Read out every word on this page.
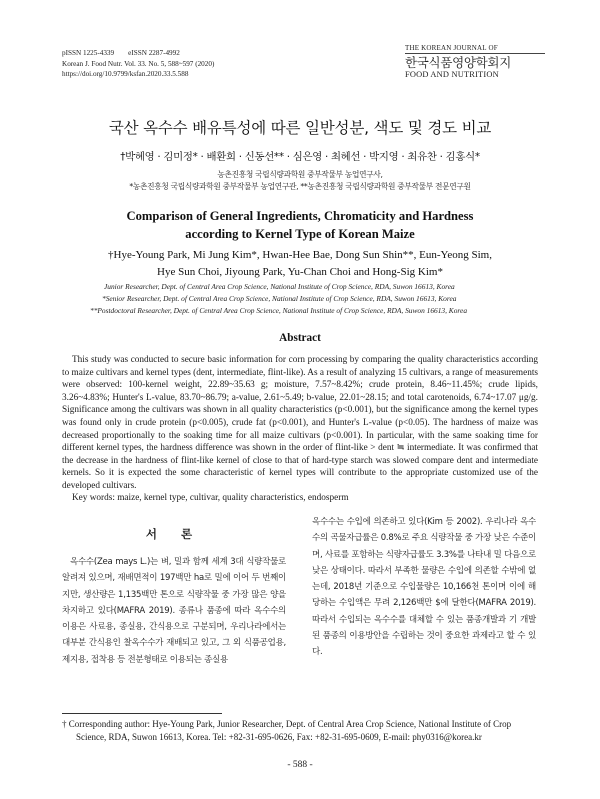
pISSN 1225-4339 eISSN 2287-4992
Korean J. Food Nutr. Vol. 33. No. 5, 588~597 (2020)
https://doi.org/10.9799/ksfan.2020.33.5.588
THE KOREAN JOURNAL OF
한국식품영양학회지
FOOD AND NUTRITION
국산 옥수수 배유특성에 따른 일반성분, 색도 및 경도 비교
†박혜영 · 김미정* · 배환희 · 신동선** · 심은영 · 최혜선 · 박지영 · 최유찬 · 김홍식*
농촌진흥청 국립식량과학원 중부작물부 농업연구사,
*농촌진흥청 국립식량과학원 중부작물부 농업연구관, **농촌진흥청 국립식량과학원 중부작물부 전문연구원
Comparison of General Ingredients, Chromaticity and Hardness
according to Kernel Type of Korean Maize
†Hye-Young Park, Mi Jung Kim*, Hwan-Hee Bae, Dong Sun Shin**, Eun-Yeong Sim,
Hye Sun Choi, Jiyoung Park, Yu-Chan Choi and Hong-Sig Kim*
Junior Researcher, Dept. of Central Area Crop Science, National Institute of Crop Science, RDA, Suwon 16613, Korea
*Senior Researcher, Dept. of Central Area Crop Science, National Institute of Crop Science, RDA, Suwon 16613, Korea
**Postdoctoral Researcher, Dept. of Central Area Crop Science, National Institute of Crop Science, RDA, Suwon 16613, Korea
Abstract

This study was conducted to secure basic information for corn processing by comparing the quality characteristics according to maize cultivars and kernel types (dent, intermediate, flint-like). As a result of analyzing 15 cultivars, a range of measurements were observed: 100-kernel weight, 22.89~35.63 g; moisture, 7.57~8.42%; crude protein, 8.46~11.45%; crude lipids, 3.26~4.83%; Hunter's L-value, 83.70~86.79; a-value, 2.61~5.49; b-value, 22.01~28.15; and total carotenoids, 6.74~17.07 μg/g. Significance among the cultivars was shown in all quality characteristics (p<0.001), but the significance among the kernel types was found only in crude protein (p<0.005), crude fat (p<0.001), and Hunter's L-value (p<0.05). The hardness of maize was decreased proportionally to the soaking time for all maize cultivars (p<0.001). In particular, with the same soaking time for different kernel types, the hardness difference was shown in the order of flint-like > dent ≒ intermediate. It was confirmed that the decrease in the hardness of flint-like kernel of close to that of hard-type starch was slowed compare dent and intermediate kernels. So it is expected the some characteristic of kernel types will contribute to the appropriate customized use of the developed cultivars.

Key words: maize, kernel type, cultivar, quality characteristics, endosperm
서 론

옥수수(Zea mays L.)는 벼, 밀과 함께 세계 3대 식량작물로 알려져 있으며, 재배면적이 197백만 ha로 밀에 이어 두 번째이지만, 생산량은 1,135백만 톤으로 식량작물 중 가장 많은 양을 차지하고 있다(MAFRA 2019). 종류나 품종에 따라 옥수수의 이용은 사료용, 종실용, 간식용으로 구분되며, 우리나라에서는 대부분 간식용인 찰옥수수가 재배되고 있고, 그 외 식품공업용, 제지용, 접착용 등 전분형태로 이용되는 종실용

옥수수는 수입에 의존하고 있다(Kim 등 2002). 우리나라 옥수수의 곡물자급률은 0.8%로 주요 식량작물 중 가장 낮은 수준이며, 사료를 포함하는 식량자급률도 3.3%를 나타내 밀 다음으로 낮은 상태이다. 따라서 부족한 물량은 수입에 의존할 수밖에 없는데, 2018년 기준으로 수입물량은 10,166천 톤이며 이에 해당하는 수입액은 무려 2,126백만 $에 달한다(MAFRA 2019). 따라서 수입되는 옥수수를 대체할 수 있는 품종개발과 기 개발된 품종의 이용방안을 수립하는 것이 중요한 과제라고 할 수 있다.

† Corresponding author: Hye-Young Park, Junior Researcher, Dept. of Central Area Crop Science, National Institute of Crop
Science, RDA, Suwon 16613, Korea. Tel: +82-31-695-0626, Fax: +82-31-695-0609, E-mail: phy0316@korea.kr
- 588 -
